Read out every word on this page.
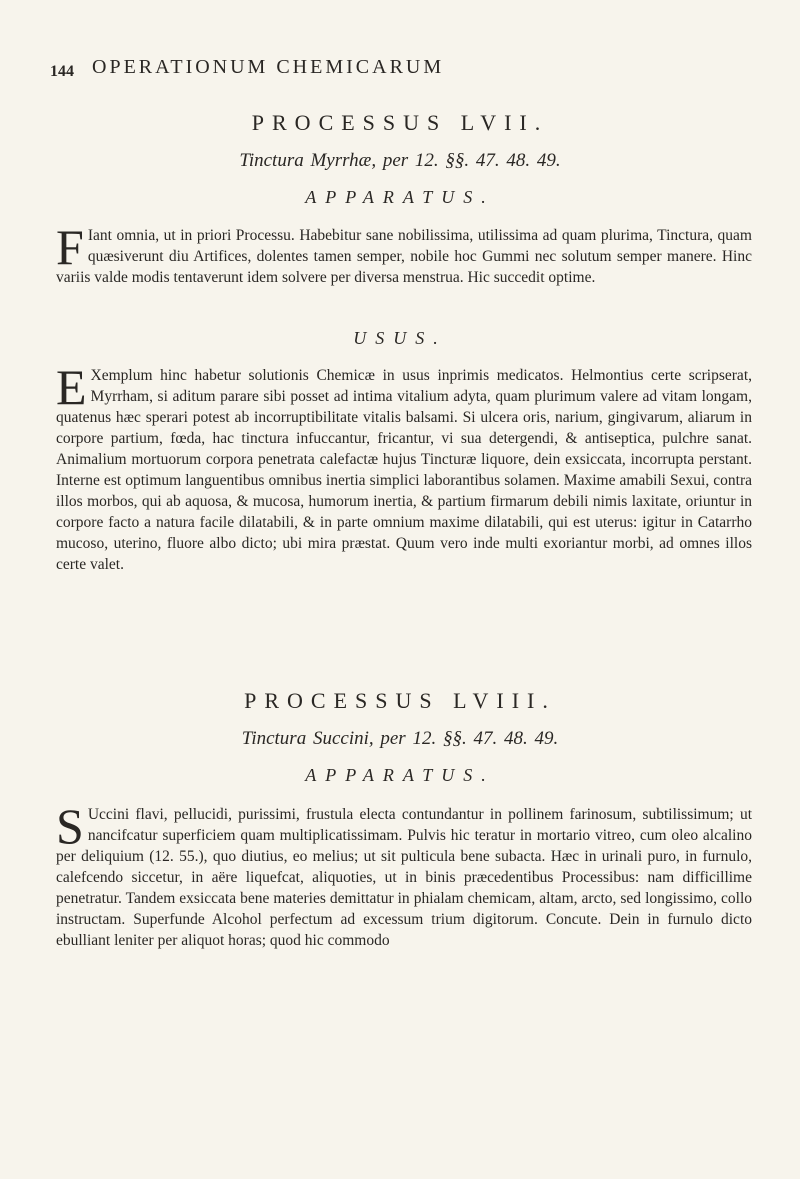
144 OPERATIONUM CHEMICARUM
PROCESSUS LVII.
Tinctura Myrrhæ, per 12. §§. 47. 48. 49.
APPARATUS.
F Iant omnia, ut in priori Processu. Habebitur sane nobilissima, utilissima ad quam plurima, Tinctura, quam quæsiverunt diu Artifices, dolentes tamen semper, nobile hoc Gummi nec solutum semper manere. Hinc variis valde modis tentaverunt idem solvere per diversa menstrua. Hic succedit optime.
USUS.
E Xemplum hinc habetur solutionis Chemicæ in usus inprimis medicatos. Helmontius certe scripserat, Myrrham, si aditum parare sibi posset ad intima vitalium adyta, quam plurimum valere ad vitam longam, quatenus hæc sperari potest ab incorruptibilitate vitalis balsami. Si ulcera oris, narium, gingivarum, aliarum in corpore partium, fœda, hac tinctura infuccantur, fricantur, vi sua detergendi, & antiseptica, pulchre sanat. Animalium mortuorum corpora penetrata calefactæ hujus Tincturæ liquore, dein exsiccata, incorrupta perstant. Interne est optimum languentibus omnibus inertia simplici laborantibus solamen. Maxime amabili Sexui, contra illos morbos, qui ab aquosa, & mucosa, humorum inertia, & partium firmarum debili nimis laxitate, oriuntur in corpore facto a natura facile dilatabili, & in parte omnium maxime dilatabili, qui est uterus: igitur in Catarrho mucoso, uterino, fluore albo dicto; ubi mira præstat. Quum vero inde multi exoriantur morbi, ad omnes illos certe valet.
PROCESSUS LVIII.
Tinctura Succini, per 12. §§. 47. 48. 49.
APPARATUS.
S Uccini flavi, pellucidi, purissimi, frustula electa contundantur in pollinem farinosum, subtilissimum; ut nancifcatur superficiem quam multiplicatissimam. Pulvis hic teratur in mortario vitreo, cum oleo alcalino per deliquium (12. 55.), quo diutius, eo melius; ut sit pulticula bene subacta. Hæc in urinali puro, in furnulo, calefcendo siccetur, in aëre liquefcat, aliquoties, ut in binis præcedentibus Processibus: nam difficillime penetratur. Tandem exsiccata bene materies demittatur in phialam chemicam, altam, arcto, sed longissimo, collo instructam. Superfunde Alcohol perfectum ad excessum trium digitorum. Concute. Dein in furnulo dicto ebulliant leniter per aliquot horas; quod hic commodo
